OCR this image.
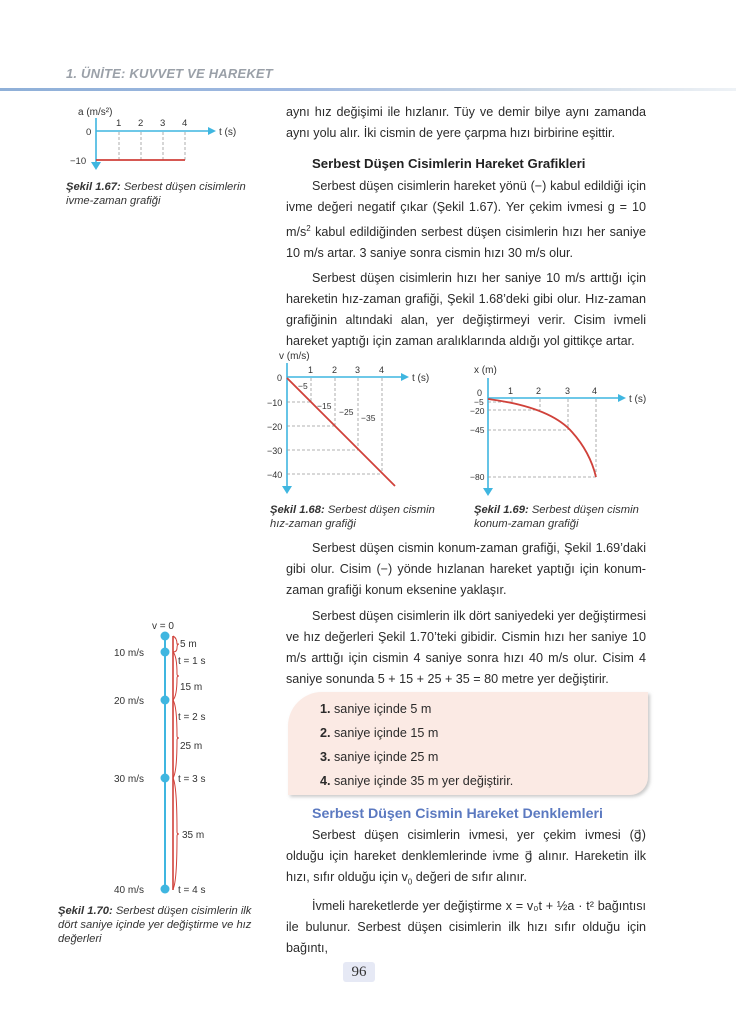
1. ÜNİTE: KUVVET VE HAREKET
a (m/s²)
t (s)
0
−10
1 2 3 4
Şekil 1.67: Serbest düşen cisimlerin ivme-zaman grafiği

aynı hız değişimi ile hızlanır. Tüy ve demir bilye aynı zamanda aynı yolu alır. İki cismin de yere çarpma hızı birbirine eşittir.

Serbest Düşen Cisimlerin Hareket Grafikleri

Serbest düşen cisimlerin hareket yönü (−) kabul edildiği için ivme değeri negatif çıkar (Şekil 1.67). Yer çekim ivmesi g = 10 $m/s^2$ kabul edildiğinden serbest düşen cisimlerin hızı her saniye 10 m/s artar. 3 saniye sonra cismin hızı 30 m/s olur.

Serbest düşen cisimlerin hızı her saniye 10 m/s arttığı için hareketin hız-zaman grafiği, Şekil 1.68’deki gibi olur. Hız-zaman grafiğinin altındaki alan, yer değiştirmeyi verir. Cisim ivmeli hareket yaptığı için zaman aralıklarında aldığı yol gittikçe artar.

v (m/s)
t (s)
0
−10
−20
−30
−40
1 2 3 4
−5
−15
−25
−35
Şekil 1.68: Serbest düşen cismin hız-zaman grafiği
x (m)
t (s)
0
−5
−20
−45
−80
1	2	3 4
Şekil 1.69: Serbest düşen cismin konum-zaman grafiği

Serbest düşen cismin konum-zaman grafiği, Şekil 1.69’daki gibi olur. Cisim (−) yönde hızlanan hareket yaptığı için konum-zaman grafiği konum eksenine yaklaşır.

Serbest düşen cisimlerin ilk dört saniyedeki yer değiştirmesi ve hız değerleri Şekil 1.70’teki gibidir. Cismin hızı her saniye 10 m/s arttığı için cismin 4 saniye sonra hızı 40 m/s olur. Cisim 4 saniye sonunda 5 + 15 + 25 + 35 = 80 metre yer değiştirir.

1. saniye içinde 5 m
2. saniye içinde 15 m
3. saniye içinde 25 m
4. saniye içinde 35 m yer değiştirir.

Serbest Düşen Cismin Hareket Denklemleri

Serbest düşen cisimlerin ivmesi, yer çekim ivmesi (g⃗) olduğu için hareket denklemlerinde ivme g⃗ alınır. Hareketin ilk hızı, sıfır olduğu için $v_0$ değeri de sıfır alınır.

İvmeli hareketlerde yer değiştirme x = v₀t + ½a · t² bağıntısı ile bulunur. Serbest düşen cisimlerin ilk hızı sıfır olduğu için bağıntı,

v = 0
10 m/s
20 m/s
30 m/s
40 m/s
5 m
15 m
25 m
35 m
t = 1 s
t = 2 s
t = 3 s
t = 4 s
Şekil 1.70: Serbest düşen cisimlerin ilk dört saniye içinde yer değiştirme ve hız değerleri
96
